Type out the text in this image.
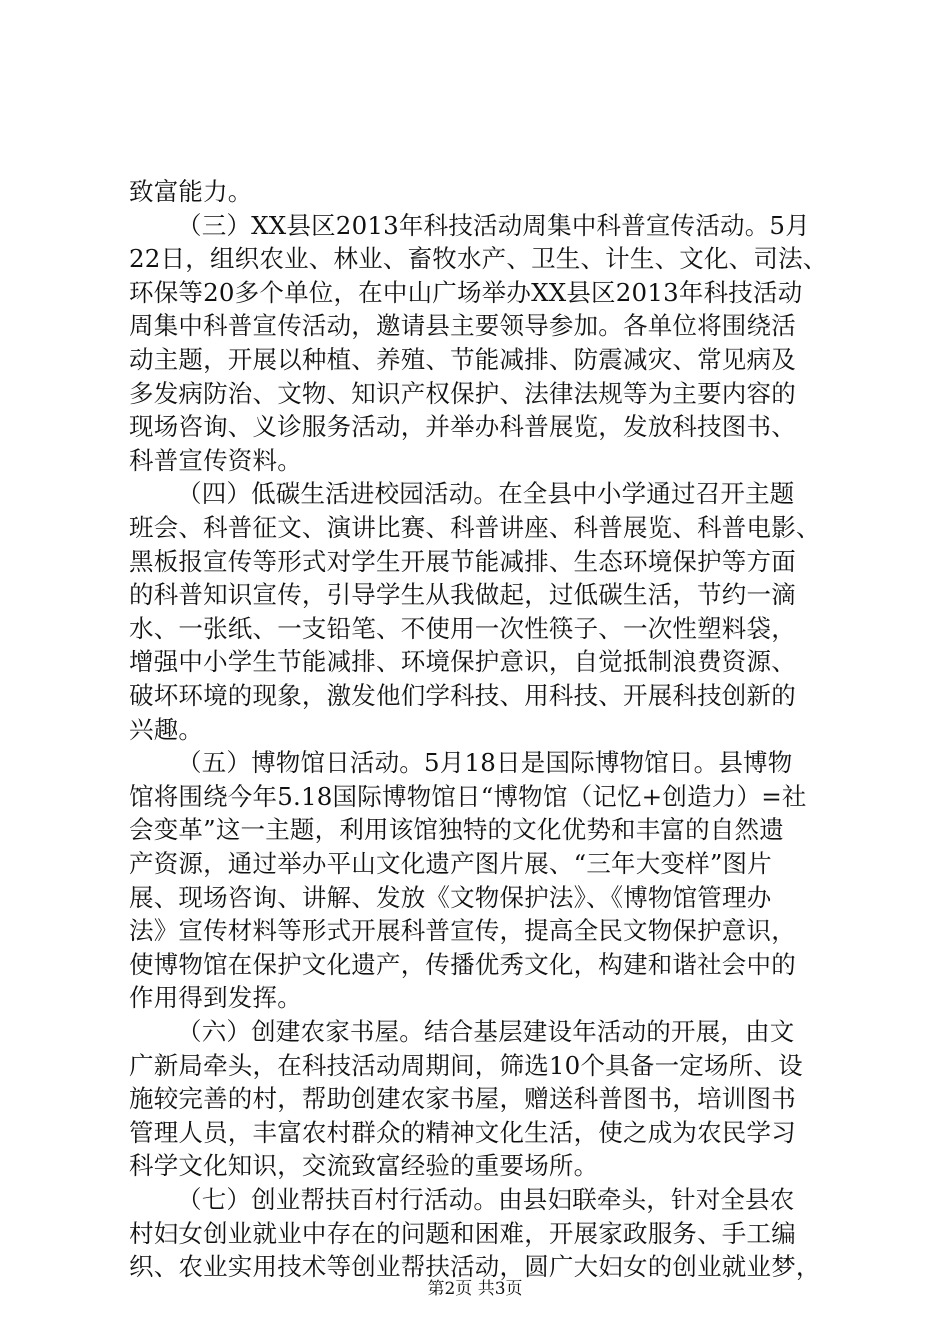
致富能力。
（三）XX县区2013年科技活动周集中科普宣传活动。5月
22日，组织农业、林业、畜牧水产、卫生、计生、文化、司法、
环保等20多个单位，在中山广场举办XX县区2013年科技活动
周集中科普宣传活动，邀请县主要领导参加。各单位将围绕活
动主题，开展以种植、养殖、节能减排、防震减灾、常见病及
多发病防治、文物、知识产权保护、法律法规等为主要内容的
现场咨询、义诊服务活动，并举办科普展览，发放科技图书、
科普宣传资料。
（四）低碳生活进校园活动。在全县中小学通过召开主题
班会、科普征文、演讲比赛、科普讲座、科普展览、科普电影、
黑板报宣传等形式对学生开展节能减排、生态环境保护等方面
的科普知识宣传，引导学生从我做起，过低碳生活，节约一滴
水、一张纸、一支铅笔、不使用一次性筷子、一次性塑料袋，
增强中小学生节能减排、环境保护意识，自觉抵制浪费资源、
破坏环境的现象，激发他们学科技、用科技、开展科技创新的
兴趣。
（五）博物馆日活动。5月18日是国际博物馆日。县博物
馆将围绕今年5.18国际博物馆日“博物馆（记忆+创造力）=社
会变革”这一主题，利用该馆独特的文化优势和丰富的自然遗
产资源，通过举办平山文化遗产图片展、“三年大变样”图片
展、现场咨询、讲解、发放《文物保护法》、《博物馆管理办
法》宣传材料等形式开展科普宣传，提高全民文物保护意识，
使博物馆在保护文化遗产，传播优秀文化，构建和谐社会中的
作用得到发挥。
（六）创建农家书屋。结合基层建设年活动的开展，由文
广新局牵头，在科技活动周期间，筛选10个具备一定场所、设
施较完善的村，帮助创建农家书屋，赠送科普图书，培训图书
管理人员，丰富农村群众的精神文化生活，使之成为农民学习
科学文化知识，交流致富经验的重要场所。
（七）创业帮扶百村行活动。由县妇联牵头，针对全县农
村妇女创业就业中存在的问题和困难，开展家政服务、手工编
织、农业实用技术等创业帮扶活动，圆广大妇女的创业就业梦，
第2页 共3页
